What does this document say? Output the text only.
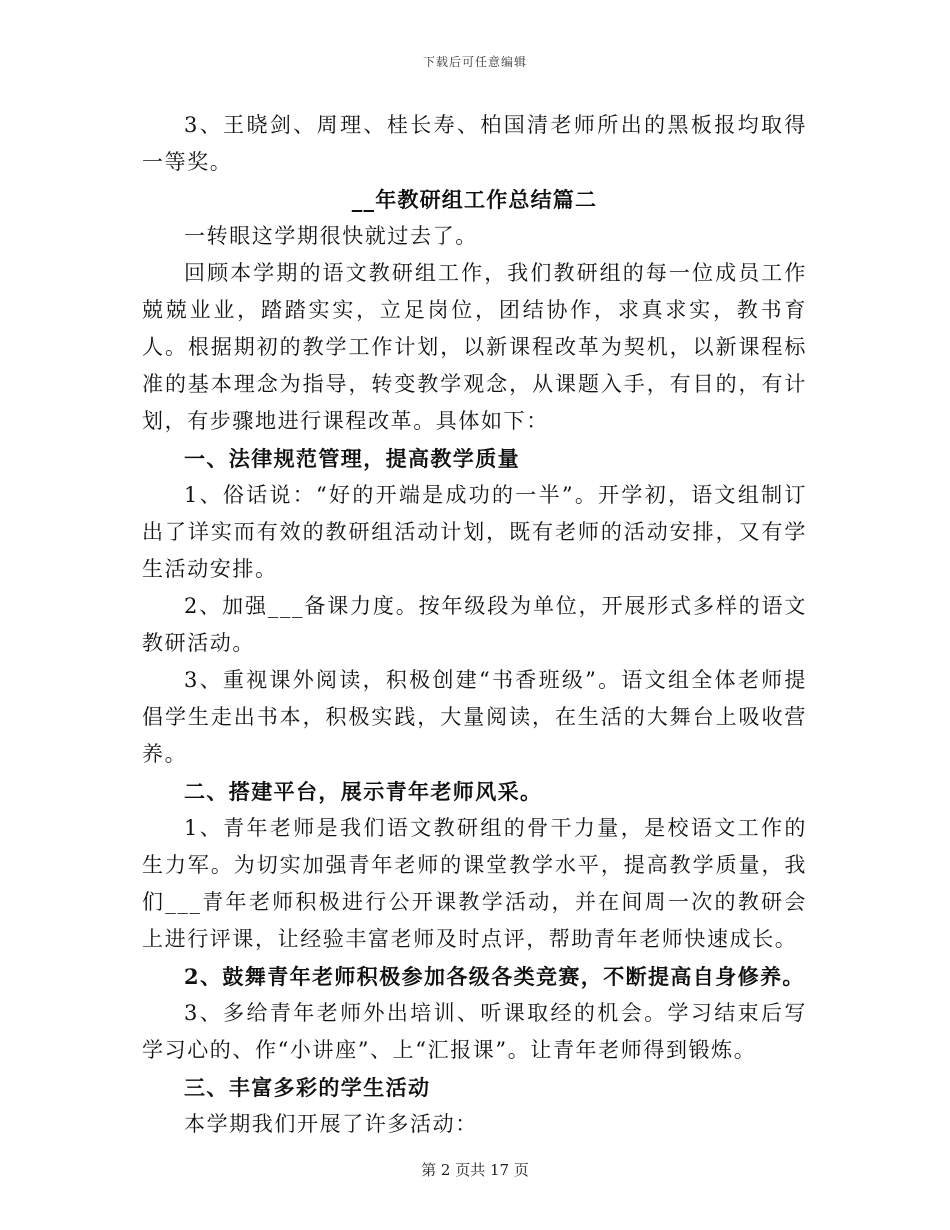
下载后可任意编辑

3、王晓剑、周理、桂长寿、柏国清老师所出的黑板报均取得一等奖。

__年教研组工作总结篇二

一转眼这学期很快就过去了。

回顾本学期的语文教研组工作，我们教研组的每一位成员工作兢兢业业，踏踏实实，立足岗位，团结协作，求真求实，教书育人。根据期初的教学工作计划，以新课程改革为契机，以新课程标准的基本理念为指导，转变教学观念，从课题入手，有目的，有计划，有步骤地进行课程改革。具体如下：

一、法律规范管理，提高教学质量

1、俗话说：“好的开端是成功的一半”。开学初，语文组制订出了详实而有效的教研组活动计划，既有老师的活动安排，又有学生活动安排。

2、加强___备课力度。按年级段为单位，开展形式多样的语文教研活动。

3、重视课外阅读，积极创建“书香班级”。语文组全体老师提倡学生走出书本，积极实践，大量阅读，在生活的大舞台上吸收营养。

二、搭建平台，展示青年老师风采。

1、青年老师是我们语文教研组的骨干力量，是校语文工作的生力军。为切实加强青年老师的课堂教学水平，提高教学质量，我们___青年老师积极进行公开课教学活动，并在间周一次的教研会上进行评课，让经验丰富老师及时点评，帮助青年老师快速成长。

2、鼓舞青年老师积极参加各级各类竞赛，不断提高自身修养。

3、多给青年老师外出培训、听课取经的机会。学习结束后写学习心的、作“小讲座”、上“汇报课”。让青年老师得到锻炼。

三、丰富多彩的学生活动

本学期我们开展了许多活动：

第 2 页共 17 页
